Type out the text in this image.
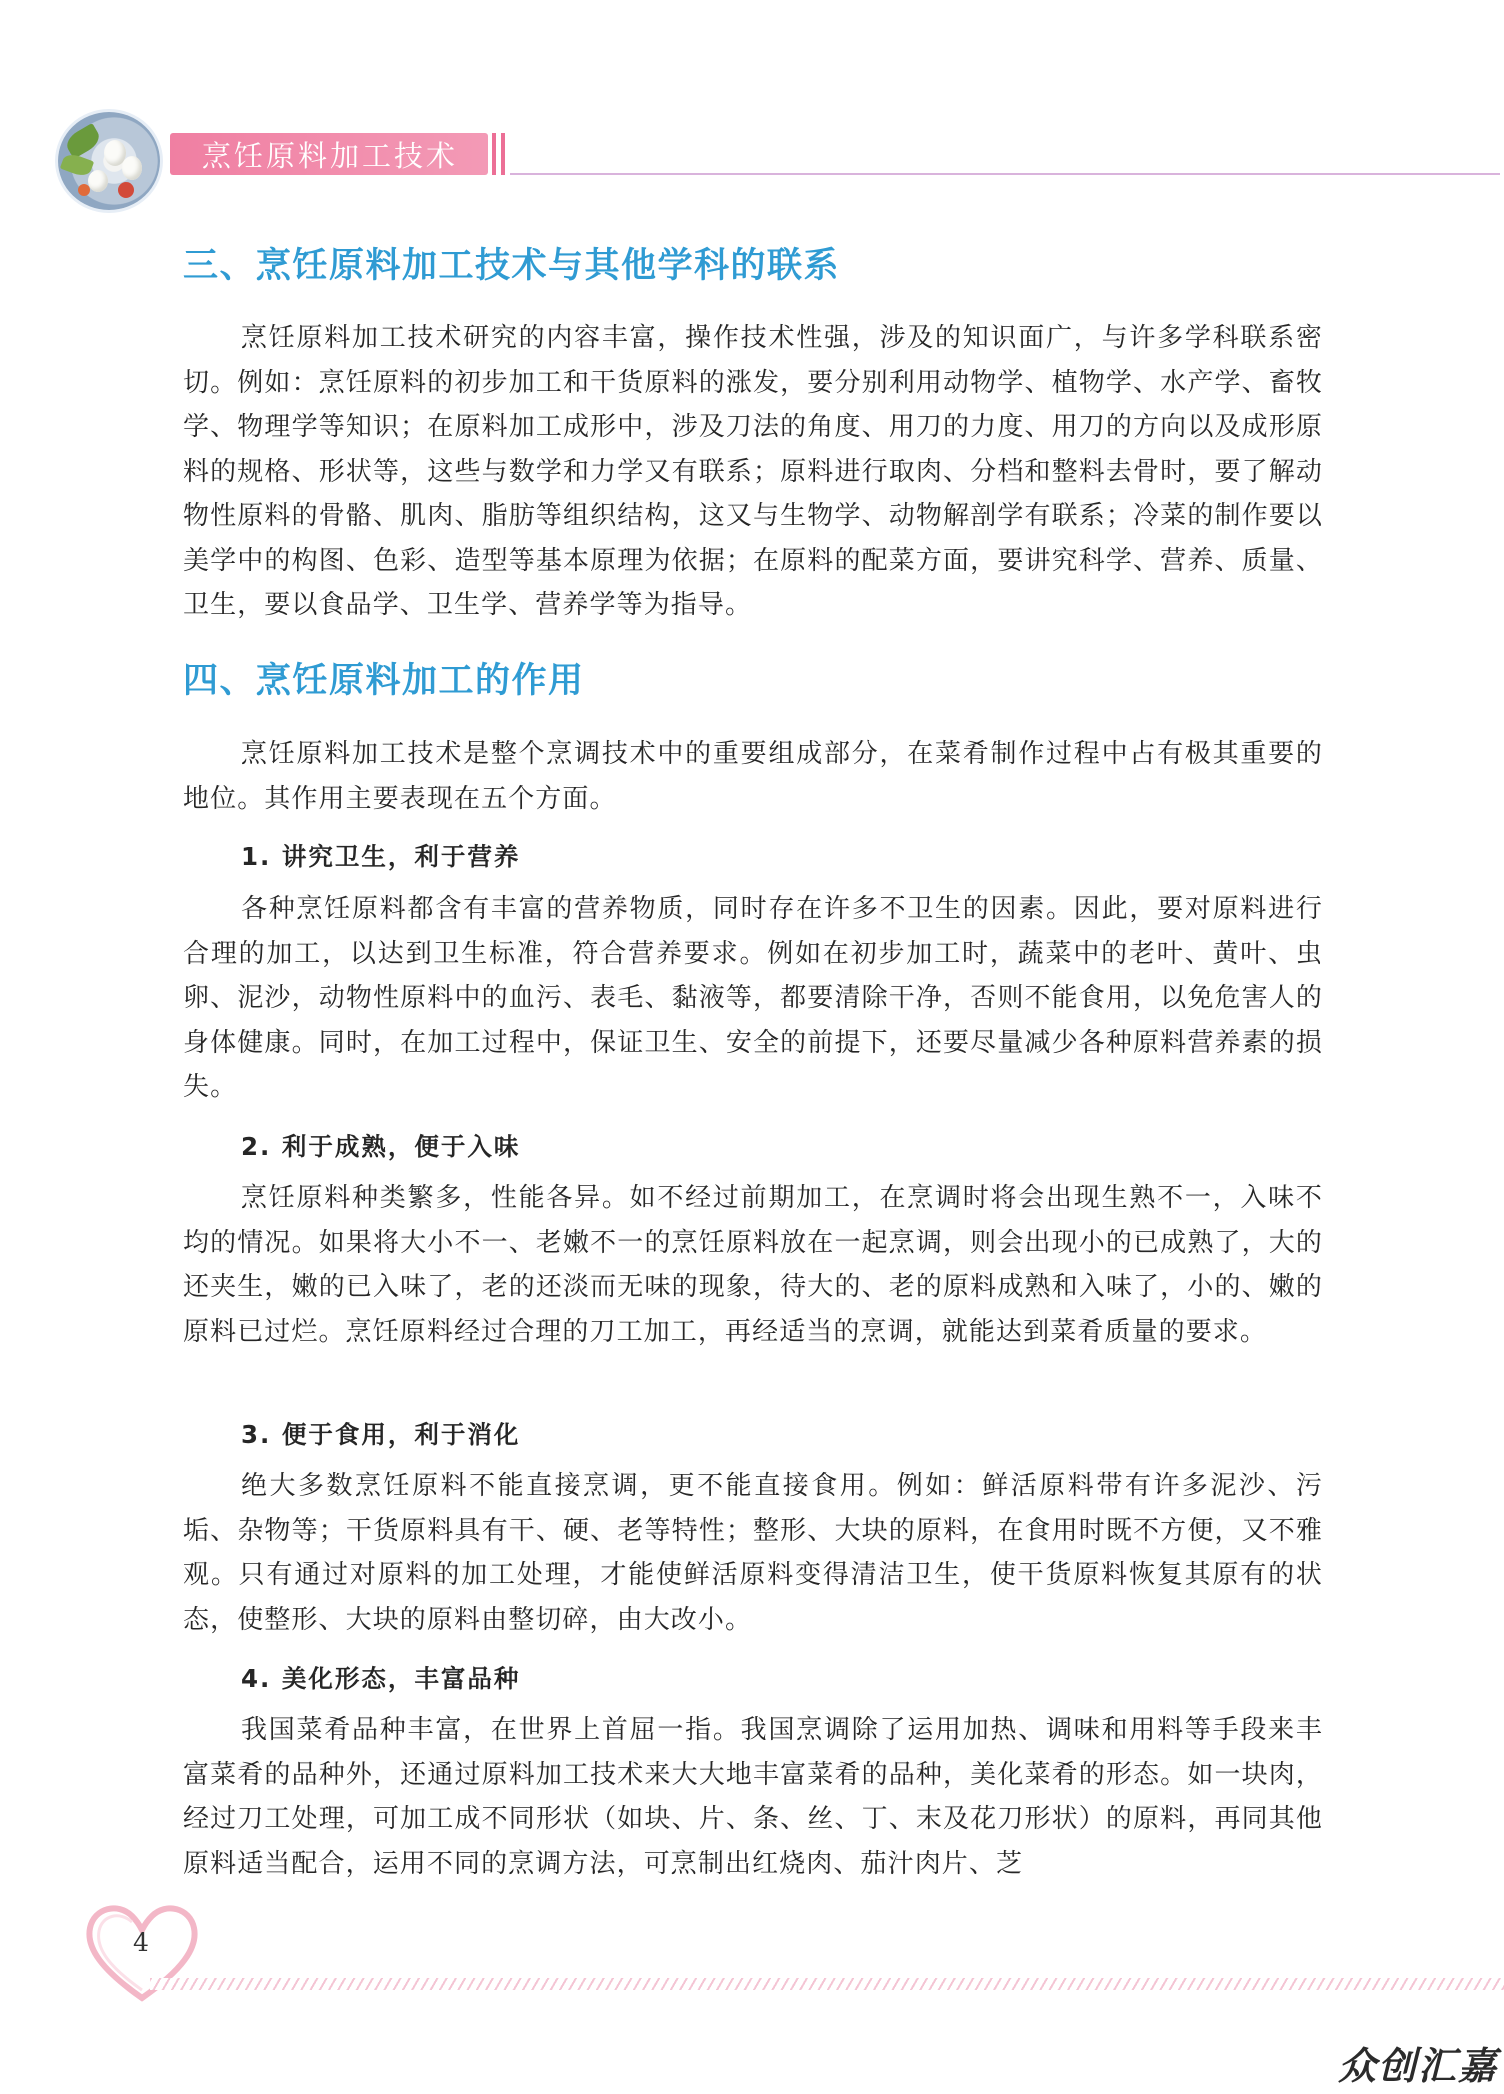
烹饪原料加工技术
三、烹饪原料加工技术与其他学科的联系

烹饪原料加工技术研究的内容丰富，操作技术性强，涉及的知识面广，与许多学科联系密切。例如：烹饪原料的初步加工和干货原料的涨发，要分别利用动物学、植物学、水产学、畜牧学、物理学等知识；在原料加工成形中，涉及刀法的角度、用刀的力度、用刀的方向以及成形原料的规格、形状等，这些与数学和力学又有联系；原料进行取肉、分档和整料去骨时，要了解动物性原料的骨骼、肌肉、脂肪等组织结构，这又与生物学、动物解剖学有联系；冷菜的制作要以美学中的构图、色彩、造型等基本原理为依据；在原料的配菜方面，要讲究科学、营养、质量、卫生，要以食品学、卫生学、营养学等为指导。

四、烹饪原料加工的作用

烹饪原料加工技术是整个烹调技术中的重要组成部分，在菜肴制作过程中占有极其重要的地位。其作用主要表现在五个方面。

1. 讲究卫生，利于营养

各种烹饪原料都含有丰富的营养物质，同时存在许多不卫生的因素。因此，要对原料进行合理的加工，以达到卫生标准，符合营养要求。例如在初步加工时，蔬菜中的老叶、黄叶、虫卵、泥沙，动物性原料中的血污、表毛、黏液等，都要清除干净，否则不能食用，以免危害人的身体健康。同时，在加工过程中，保证卫生、安全的前提下，还要尽量减少各种原料营养素的损失。

2. 利于成熟，便于入味

烹饪原料种类繁多，性能各异。如不经过前期加工，在烹调时将会出现生熟不一，入味不均的情况。如果将大小不一、老嫩不一的烹饪原料放在一起烹调，则会出现小的已成熟了，大的还夹生，嫩的已入味了，老的还淡而无味的现象，待大的、老的原料成熟和入味了，小的、嫩的原料已过烂。烹饪原料经过合理的刀工加工，再经适当的烹调，就能达到菜肴质量的要求。

3. 便于食用，利于消化

绝大多数烹饪原料不能直接烹调，更不能直接食用。例如：鲜活原料带有许多泥沙、污垢、杂物等；干货原料具有干、硬、老等特性；整形、大块的原料，在食用时既不方便，又不雅观。只有通过对原料的加工处理，才能使鲜活原料变得清洁卫生，使干货原料恢复其原有的状态，使整形、大块的原料由整切碎，由大改小。

4. 美化形态，丰富品种

我国菜肴品种丰富，在世界上首屈一指。我国烹调除了运用加热、调味和用料等手段来丰富菜肴的品种外，还通过原料加工技术来大大地丰富菜肴的品种，美化菜肴的形态。如一块肉，经过刀工处理，可加工成不同形状（如块、片、条、丝、丁、末及花刀形状）的原料，再同其他原料适当配合，运用不同的烹调方法，可烹制出红烧肉、茄汁肉片、芝

4
众创汇嘉
